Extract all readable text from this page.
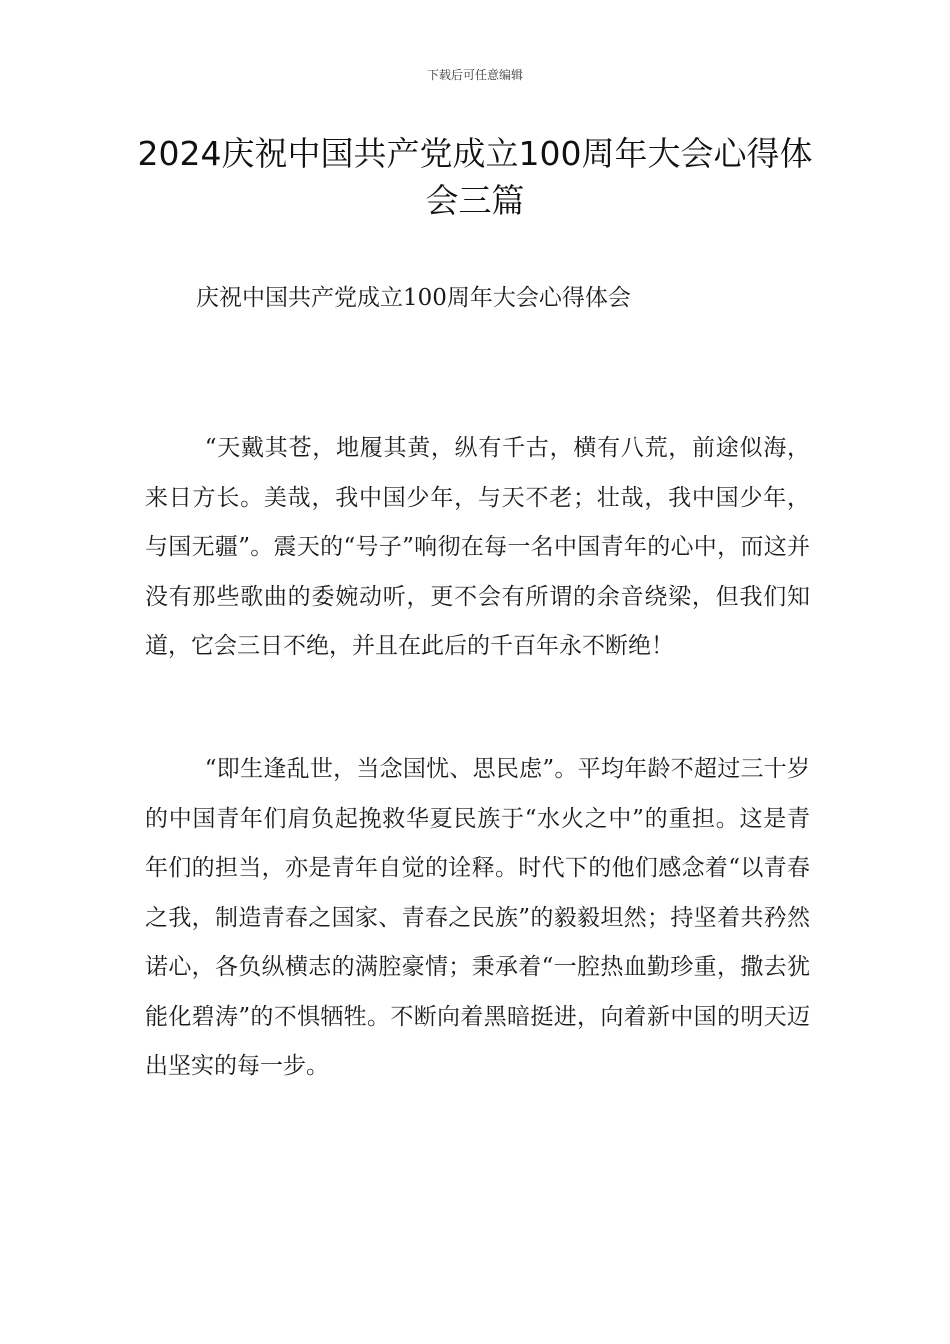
下载后可任意编辑
2024庆祝中国共产党成立100周年大会心得体会三篇
庆祝中国共产党成立100周年大会心得体会

“天戴其苍，地履其黄，纵有千古，横有八荒，前途似海，来日方长。美哉，我中国少年，与天不老；壮哉，我中国少年，与国无疆”。震天的“号子”响彻在每一名中国青年的心中，而这并没有那些歌曲的委婉动听，更不会有所谓的余音绕梁，但我们知道，它会三日不绝，并且在此后的千百年永不断绝！

“即生逢乱世，当念国忧、思民虑”。平均年龄不超过三十岁的中国青年们肩负起挽救华夏民族于“水火之中”的重担。这是青年们的担当，亦是青年自觉的诠释。时代下的他们感念着“以青春之我，制造青春之国家、青春之民族”的毅毅坦然；持坚着共矜然诺心，各负纵横志的满腔豪情；秉承着“一腔热血勤珍重，撒去犹能化碧涛”的不惧牺牲。不断向着黑暗挺进，向着新中国的明天迈出坚实的每一步。
